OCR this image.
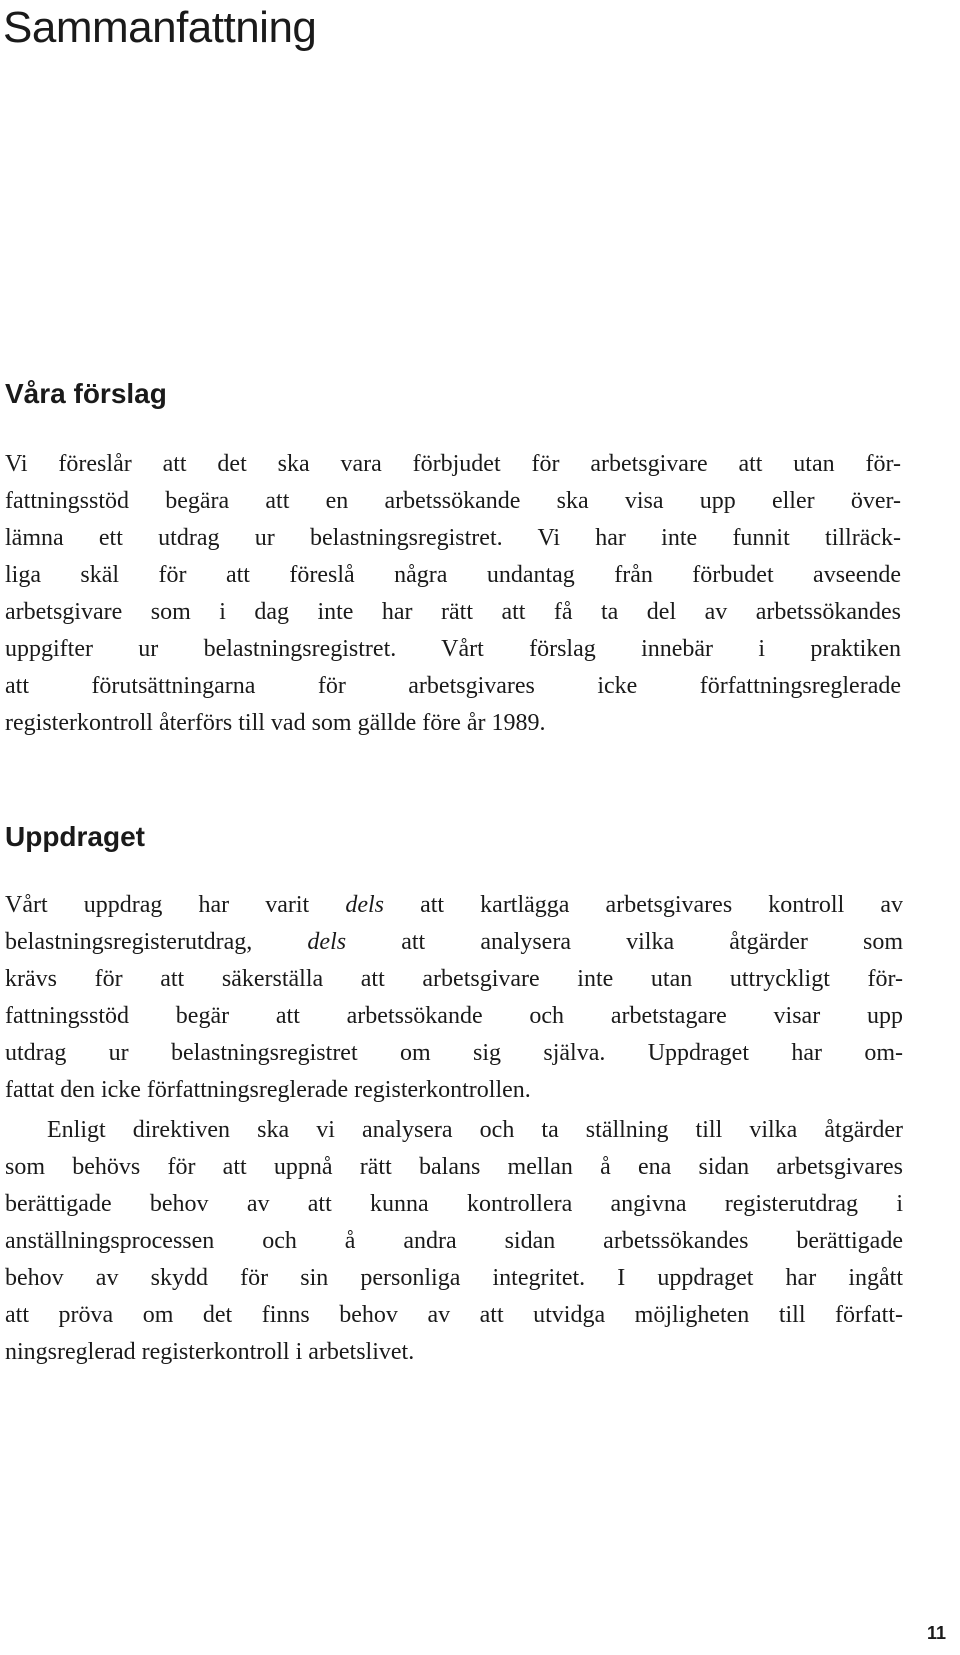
Sammanfattning
Våra förslag
Vi föreslår att det ska vara förbjudet för arbetsgivare att utan för-
fattningsstöd begära att en arbetssökande ska visa upp eller över-
lämna ett utdrag ur belastningsregistret. Vi har inte funnit tillräck-
liga skäl för att föreslå några undantag från förbudet avseende
arbetsgivare som i dag inte har rätt att få ta del av arbetssökandes
uppgifter ur belastningsregistret. Vårt förslag innebär i praktiken
att förutsättningarna för arbetsgivares icke författningsreglerade
registerkontroll återförs till vad som gällde före år 1989.
Uppdraget
Vårt uppdrag har varit dels att kartlägga arbetsgivares kontroll av
belastningsregisterutdrag, dels att analysera vilka åtgärder som
krävs för att säkerställa att arbetsgivare inte utan uttryckligt för-
fattningsstöd begär att arbetssökande och arbetstagare visar upp
utdrag ur belastningsregistret om sig själva. Uppdraget har om-
fattat den icke författningsreglerade registerkontrollen.
Enligt direktiven ska vi analysera och ta ställning till vilka åtgärder
som behövs för att uppnå rätt balans mellan å ena sidan arbetsgivares
berättigade behov av att kunna kontrollera angivna registerutdrag i
anställningsprocessen och å andra sidan arbetssökandes berättigade
behov av skydd för sin personliga integritet. I uppdraget har ingått
att pröva om det finns behov av att utvidga möjligheten till författ-
ningsreglerad registerkontroll i arbetslivet.
11
